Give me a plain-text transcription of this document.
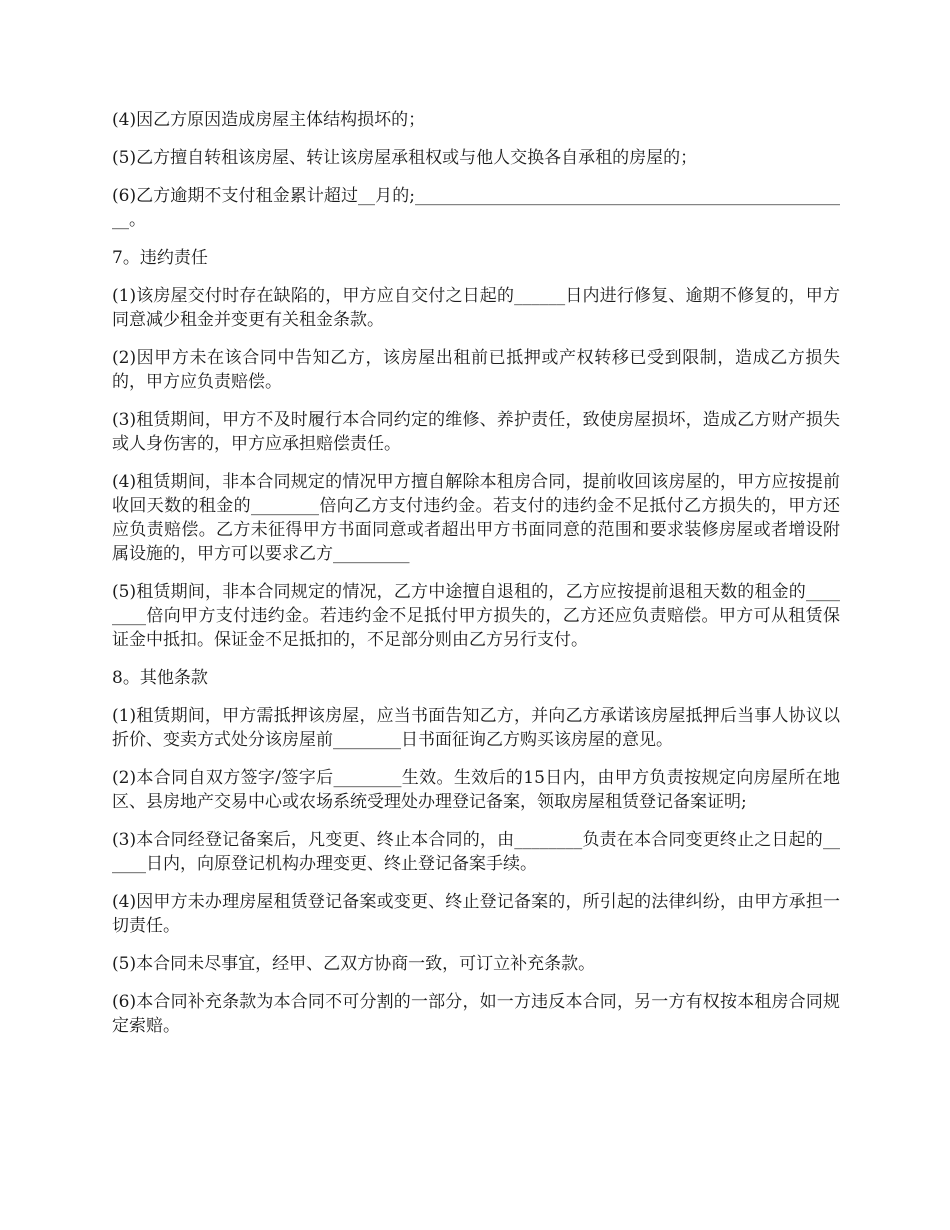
(4)因乙方原因造成房屋主体结构损坏的；

(5)乙方擅自转租该房屋、转让该房屋承租权或与他人交换各自承租的房屋的；

(6)乙方逾期不支付租金累计超过__月的;____________________________________________________。

7。违约责任

(1)该房屋交付时存在缺陷的，甲方应自交付之日起的______日内进行修复、逾期不修复的，甲方同意减少租金并变更有关租金条款。

(2)因甲方未在该合同中告知乙方，该房屋出租前已抵押或产权转移已受到限制，造成乙方损失的，甲方应负责赔偿。

(3)租赁期间，甲方不及时履行本合同约定的维修、养护责任，致使房屋损坏，造成乙方财产损失或人身伤害的，甲方应承担赔偿责任。

(4)租赁期间，非本合同规定的情况甲方擅自解除本租房合同，提前收回该房屋的，甲方应按提前收回天数的租金的________倍向乙方支付违约金。若支付的违约金不足抵付乙方损失的，甲方还应负责赔偿。乙方未征得甲方书面同意或者超出甲方书面同意的范围和要求装修房屋或者增设附属设施的，甲方可以要求乙方_________

(5)租赁期间，非本合同规定的情况，乙方中途擅自退租的，乙方应按提前退租天数的租金的________倍向甲方支付违约金。若违约金不足抵付甲方损失的，乙方还应负责赔偿。甲方可从租赁保证金中抵扣。保证金不足抵扣的，不足部分则由乙方另行支付。

8。其他条款

(1)租赁期间，甲方需抵押该房屋，应当书面告知乙方，并向乙方承诺该房屋抵押后当事人协议以折价、变卖方式处分该房屋前________日书面征询乙方购买该房屋的意见。

(2)本合同自双方签字/签字后________生效。生效后的15日内，由甲方负责按规定向房屋所在地区、县房地产交易中心或农场系统受理处办理登记备案，领取房屋租赁登记备案证明;

(3)本合同经登记备案后，凡变更、终止本合同的，由________负责在本合同变更终止之日起的______日内，向原登记机构办理变更、终止登记备案手续。

(4)因甲方未办理房屋租赁登记备案或变更、终止登记备案的，所引起的法律纠纷，由甲方承担一切责任。

(5)本合同未尽事宜，经甲、乙双方协商一致，可订立补充条款。

(6)本合同补充条款为本合同不可分割的一部分，如一方违反本合同，另一方有权按本租房合同规定索赔。
